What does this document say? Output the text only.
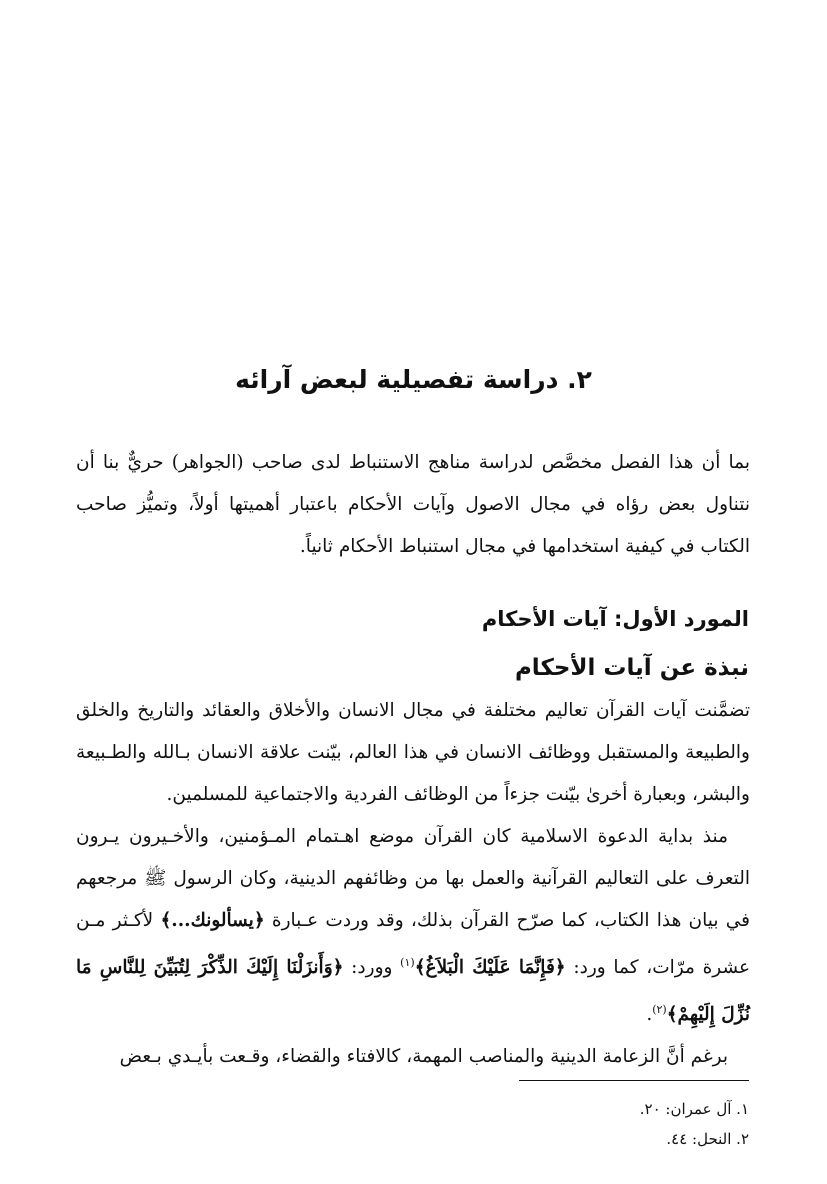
٢. دراسة تفصيلية لبعض آرائه

بما أن هذا الفصل مخصَّص لدراسة مناهج الاستنباط لدى صاحب (الجواهر) حريٌّ بنا أن نتناول بعض رؤاه في مجال الاصول وآيات الأحكام باعتبار أهميتها أولاً، وتميُّز صاحب الكتاب في كيفية استخدامها في مجال استنباط الأحكام ثانياً.

المورد الأول: آيات الأحكام
نبذة عن آيات الأحكام

تضمَّنت آيات القرآن تعاليم مختلفة في مجال الانسان والأخلاق والعقائد والتاريخ والخلق والطبيعة والمستقبل ووظائف الانسان في هذا العالم، بيّنت علاقة الانسان بـالله والطـبيعة والبشر، وبعبارة أخرىٰ بيّنت جزءاً من الوظائف الفردية والاجتماعية للمسلمين.

منذ بداية الدعوة الاسلامية كان القرآن موضع اهـتمام المـؤمنين، والأخـيرون يـرون التعرف على التعاليم القرآنية والعمل بها من وظائفهم الدينية، وكان الرسول ﷺ مرجعهم في بيان هذا الكتاب، كما صرّح القرآن بذلك، وقد وردت عـبارة ﴿يسألونك...﴾ لأكـثر مـن عشرة مرّات، كما ورد: ﴿فَإِنَّمَا عَلَيْكَ الْبَلاَغُ﴾$^{(١)}$ وورد: ﴿وَأَنزَلْنَا إِلَيْكَ الذِّكْرَ لِتُبَيِّنَ لِلنَّاسِ مَا نُزِّلَ إِلَيْهِمْ﴾$^{(٢)}$.

برغم أنَّ الزعامة الدينية والمناصب المهمة، كالافتاء والقضاء، وقـعت بأيـدي بـعض

١. آل عمران: ٢٠.
٢. النحل: ٤٤.
